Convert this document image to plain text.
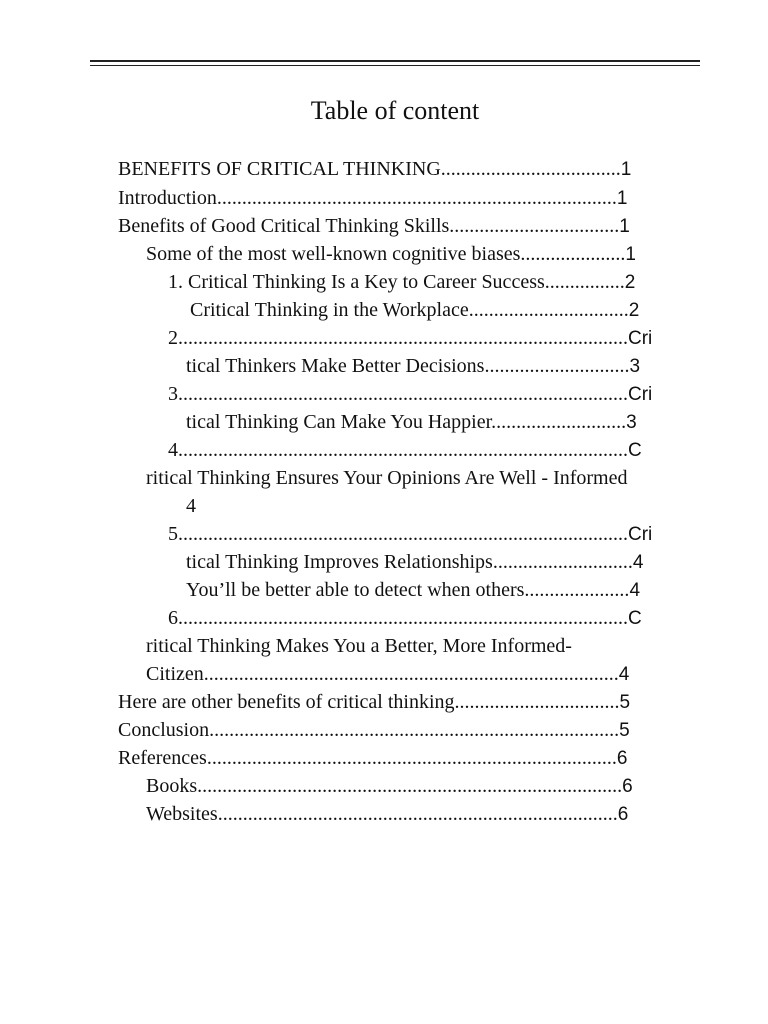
Table of content
BENEFITS OF CRITICAL THINKING....................................1
Introduction................................................................................1
Benefits of Good Critical Thinking Skills..................................1
Some of the most well-known cognitive biases.....................1
1. Critical Thinking Is a Key to Career Success................2
Critical Thinking in the Workplace................................2
2..........................................................................................Cri
tical Thinkers Make Better Decisions.............................3
3..........................................................................................Cri
tical Thinking Can Make You Happier...........................3
4..........................................................................................C
ritical Thinking Ensures Your Opinions Are Well - Informed
4
5..........................................................................................Cri
tical Thinking Improves Relationships............................4
You’ll be better able to detect when others.....................4
6..........................................................................................C
ritical Thinking Makes You a Better, More Informed-
Citizen...................................................................................4
Here are other benefits of critical thinking.................................5
Conclusion..................................................................................5
References..................................................................................6
Books.....................................................................................6
Websites................................................................................6
